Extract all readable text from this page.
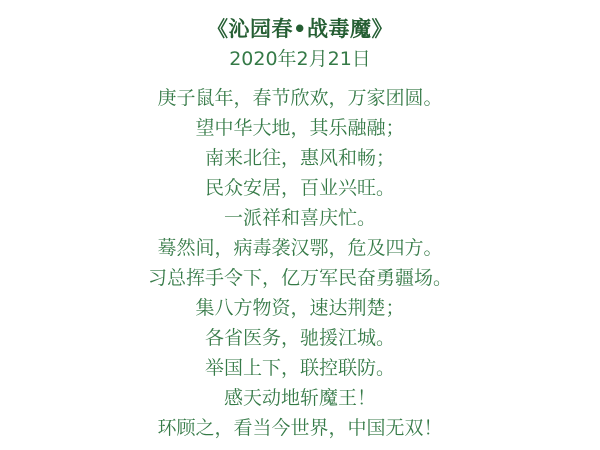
《沁园春•战毒魔》
2020年2月21日
庚子鼠年，春节欣欢，万家团圆。
望中华大地，其乐融融；
南来北往，惠风和畅；
民众安居，百业兴旺。
一派祥和喜庆忙。
蓦然间，病毒袭汉鄂，危及四方。
习总挥手令下，亿万军民奋勇疆场。
集八方物资，速达荆楚；
各省医务，驰援江城。
举国上下，联控联防。
感天动地斩魔王！
环顾之，看当今世界，中国无双！
